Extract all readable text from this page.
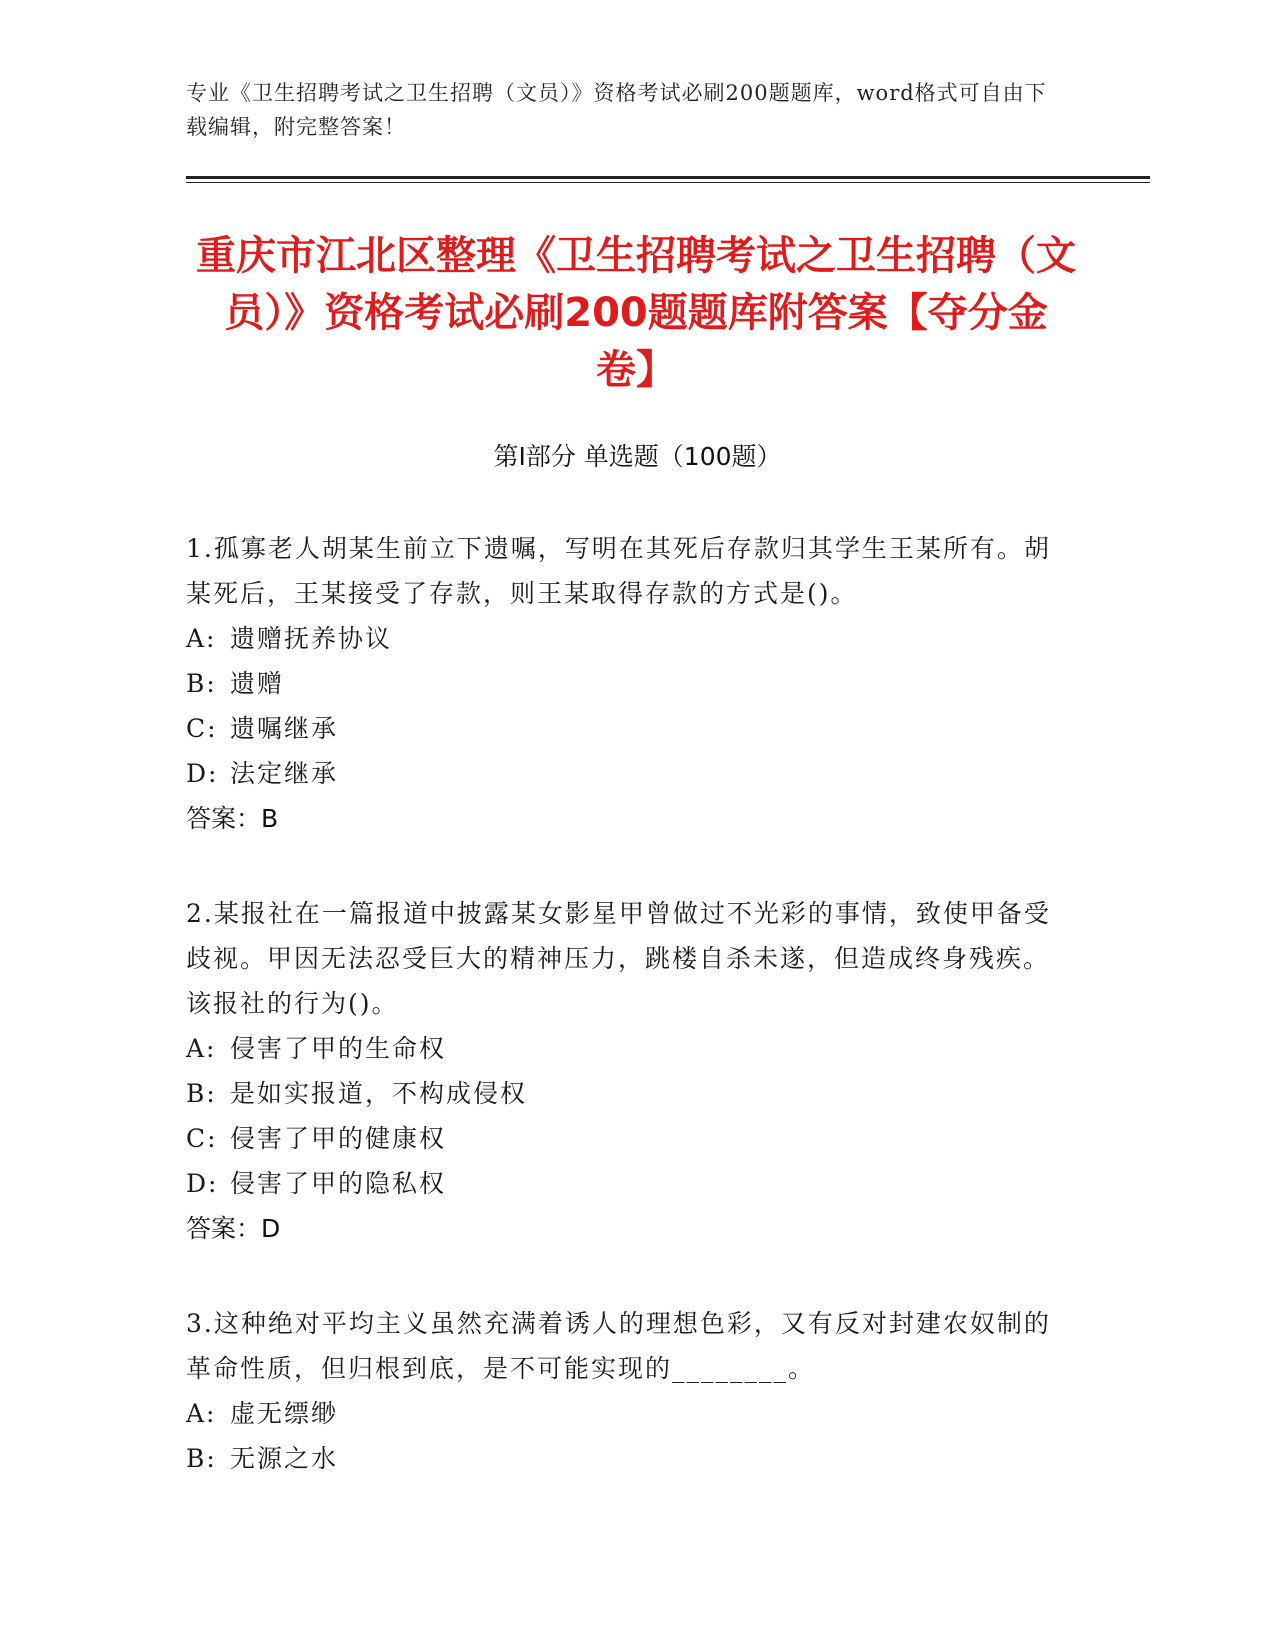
专业《卫生招聘考试之卫生招聘（文员）》资格考试必刷200题题库，word格式可自由下载编辑，附完整答案！
重庆市江北区整理《卫生招聘考试之卫生招聘（文员）》资格考试必刷200题题库附答案【夺分金卷】
第I部分 单选题（100题）
1.孤寡老人胡某生前立下遗嘱，写明在其死后存款归其学生王某所有。胡某死后，王某接受了存款，则王某取得存款的方式是()。
A: 遗赠抚养协议
B: 遗赠
C: 遗嘱继承
D: 法定继承
答案：B
2.某报社在一篇报道中披露某女影星甲曾做过不光彩的事情，致使甲备受歧视。甲因无法忍受巨大的精神压力，跳楼自杀未遂，但造成终身残疾。该报社的行为()。
A: 侵害了甲的生命权
B: 是如实报道，不构成侵权
C: 侵害了甲的健康权
D: 侵害了甲的隐私权
答案：D
3.这种绝对平均主义虽然充满着诱人的理想色彩，又有反对封建农奴制的革命性质，但归根到底，是不可能实现的________。
A: 虚无缥缈
B: 无源之水
